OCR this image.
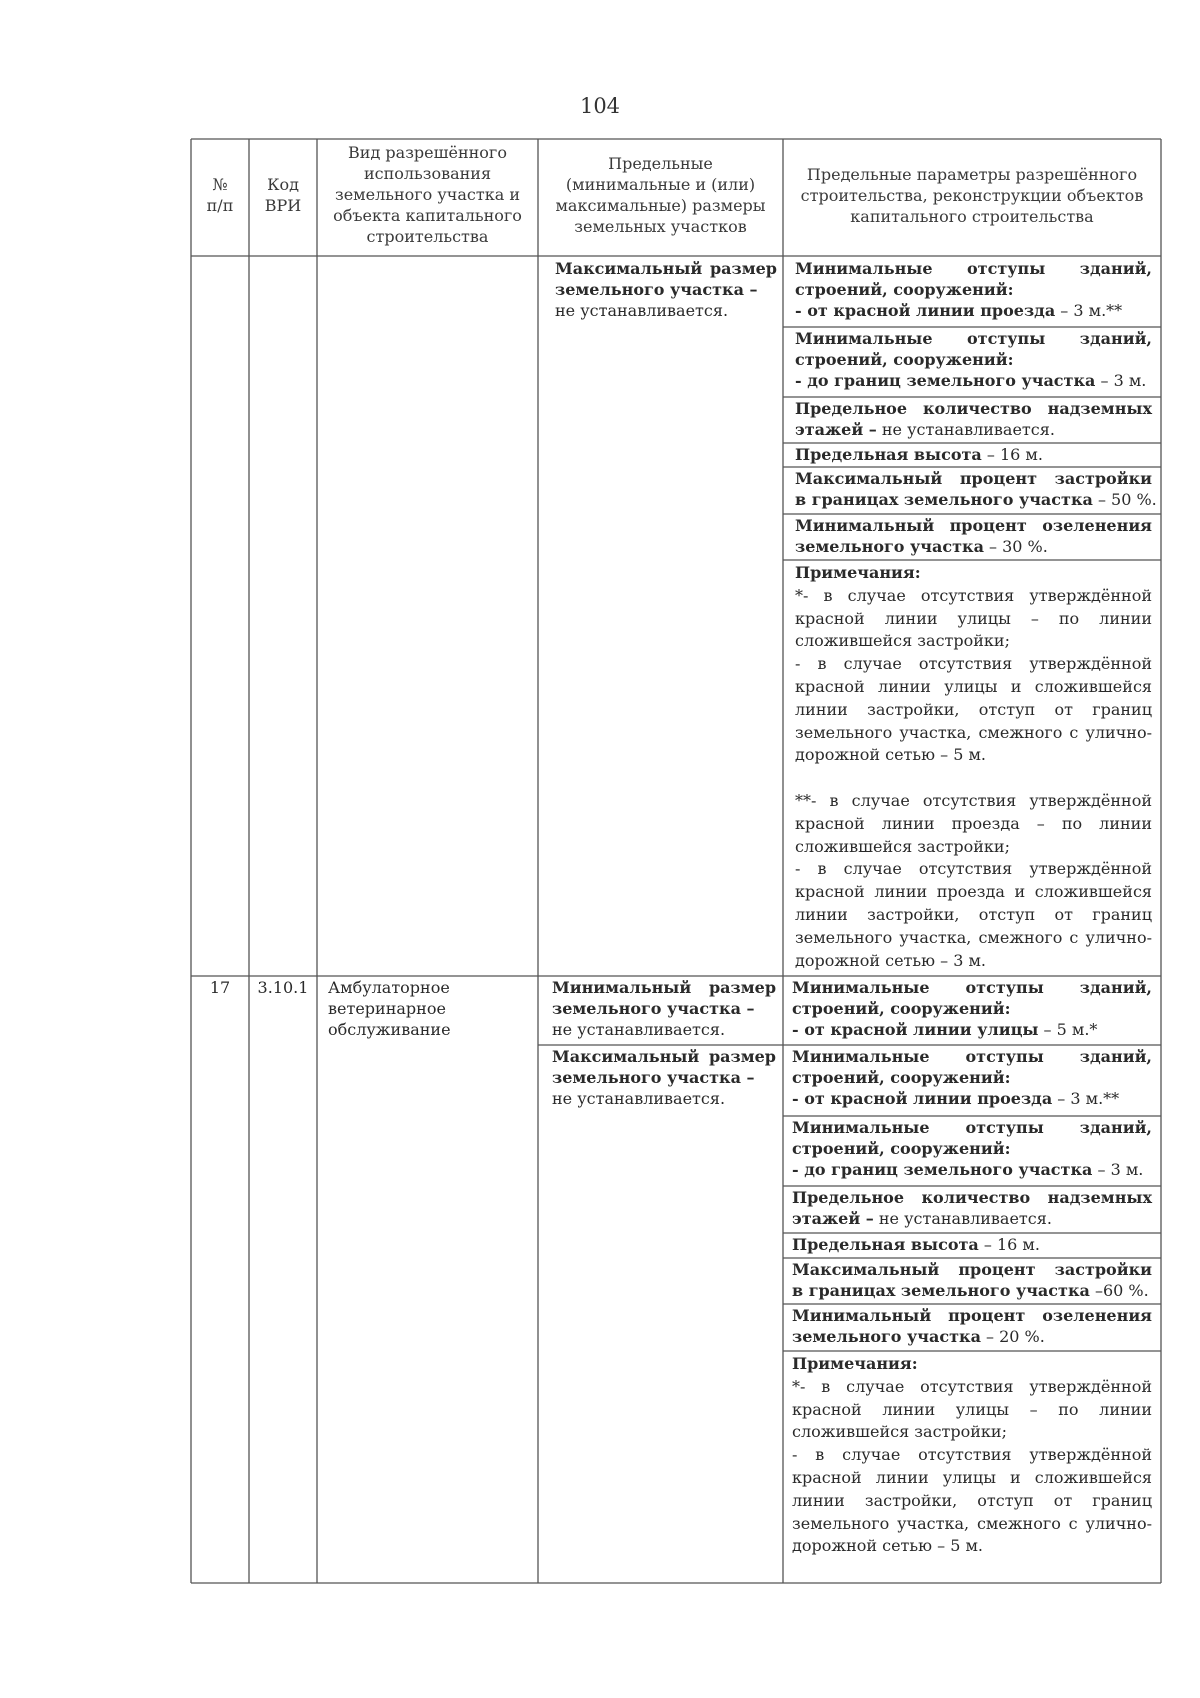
104
№
п/п
Код
ВРИ
Вид разрешённого
использования
земельного участка и
объекта капитального
строительства
Предельные
(минимальные и (или)
максимальные) размеры
земельных участков
Предельные параметры разрешённого
строительства, реконструкции объектов
капитального строительства
Максимальный размер
земельного участка –
не устанавливается.
Минимальные отступы зданий,
строений, сооружений:
- от красной линии проезда – 3 м.**
Минимальные отступы зданий,
строений, сооружений:
- до границ земельного участка – 3 м.
Предельное количество надземных
этажей – не устанавливается.
Предельная высота – 16 м.
Максимальный процент застройки
в границах земельного участка – 50 %.
Минимальный процент озеленения
земельного участка – 30 %.
Примечания:
*- в случае отсутствия утверждённой
красной линии улицы – по линии
сложившейся застройки;
- в случае отсутствия утверждённой
красной линии улицы и сложившейся
линии застройки, отступ от границ
земельного участка, смежного с улично-
дорожной сетью – 5 м.

**- в случае отсутствия утверждённой
красной линии проезда – по линии
сложившейся застройки;
- в случае отсутствия утверждённой
красной линии проезда и сложившейся
линии застройки, отступ от границ
земельного участка, смежного с улично-
дорожной сетью – 3 м.
17	3.10.1	Амбулаторное
ветеринарное
обслуживание
Минимальный размер
земельного участка –
не устанавливается.
Максимальный размер
земельного участка –
не устанавливается.
Минимальные отступы зданий,
строений, сооружений:
- от красной линии улицы – 5 м.*
Минимальные отступы зданий,
строений, сооружений:
- от красной линии проезда – 3 м.**
Минимальные отступы зданий,
строений, сооружений:
- до границ земельного участка – 3 м.
Предельное количество надземных
этажей – не устанавливается.
Предельная высота – 16 м.
Максимальный процент застройки
в границах земельного участка –60 %.
Минимальный процент озеленения
земельного участка – 20 %.
Примечания:
*- в случае отсутствия утверждённой
красной линии улицы – по линии
сложившейся застройки;
- в случае отсутствия утверждённой
красной линии улицы и сложившейся
линии застройки, отступ от границ
земельного участка, смежного с улично-
дорожной сетью – 5 м.
